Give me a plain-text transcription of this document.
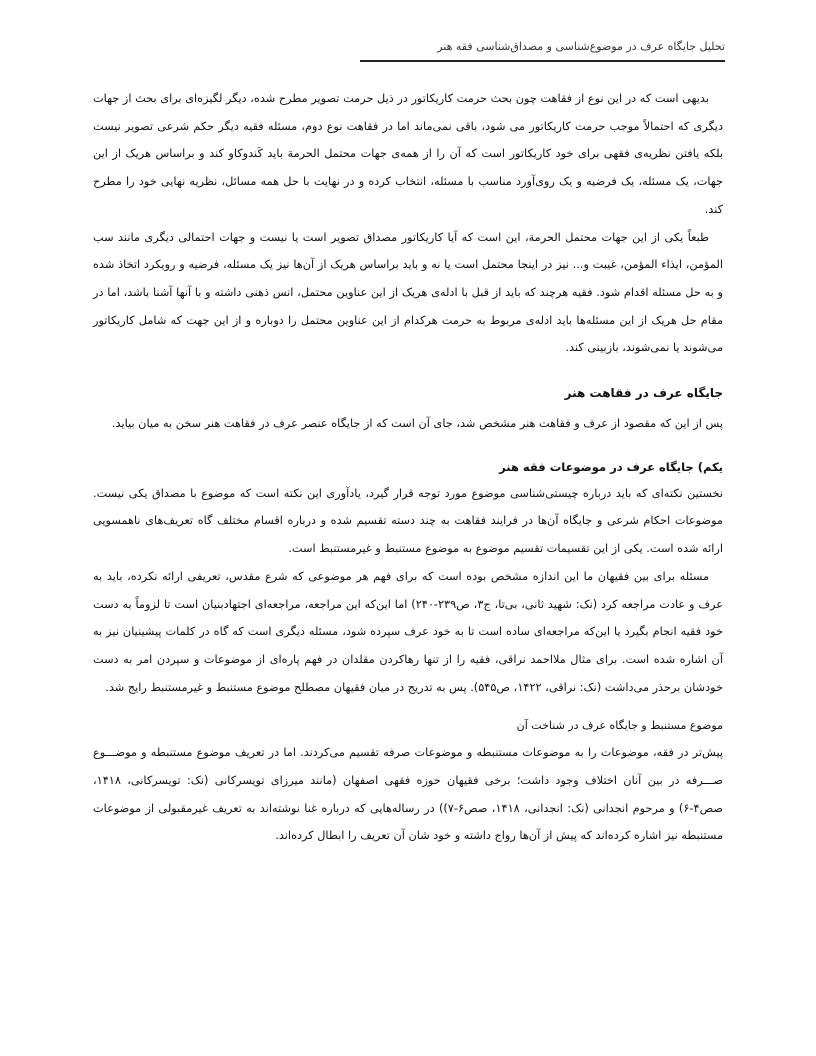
تحلیل جایگاه عرف در موضوع‌شناسی و مصداق‌شناسی فقه هنر

بدیهی است که در این نوع از فقاهت چون بحث حرمت کاریکاتور در ذیل حرمت تصویر مطرح شده، دیگر لگیزه‌ای برای بحث از جهات دیگری که احتمالاً موجب حرمت کاریکاتور می شود، باقی نمی‌ماند اما در فقاهت نوع دوم، مسئله فقیه دیگر حکم شرعی تصویر نیست بلکه یافتن نظریه‌ی فقهی برای خود کاریکاتور است که آن را از همه‌ی جهات محتمل الحرمة باید کَندوکاو کند و براساس هریک از این جهات، یک مسئله، یک فرضیه و یک روی‌آورد مناسب با مسئله، انتخاب کرده و در نهایت با حل همه مسائل، نظریه نهایی خود را مطرح کند.

طبعاً یکی از این جهات محتمل الحرمة، این است که آیا کاریکاتور مصداق تصویر است یا نیست و جهات احتمالی دیگری مانند سب المؤمن، ایذاء المؤمن، غیبت و... نیز در اینجا محتمل است یا نه و باید براساس هریک از آن‌ها نیز یک مسئله، فرضیه و رویکرد اتخاذ شده و به حل مسئله اقدام شود. فقیه هرچند که باید از قبل با ادله‌ی هریک از این عناوین محتمل، انس ذهنی داشته و با آنها آشنا باشد، اما در مقام حل هریک از این مسئله‌ها باید ادله‌ی مربوط به حرمت هرکدام از این عناوین محتمل را دوباره و از این جهت که شامل کاریکاتور می‌شوند یا نمی‌شوند، بازبینی کند.

جایگاه عرف در فقاهت هنر

پس از این که مقصود از عرف و فقاهت هنر مشخص شد، جای آن است که از جایگاه عنصر عرف در فقاهت هنر سخن به میان بیاید.

یکم) جایگاه عرف در موضوعات فقه هنر

نخستین نکته‌ای که باید درباره چیستی‌شناسی موضوع مورد توجه قرار گیرد، یادآوری این نکته است که موضوع با مصداق یکی نیست. موضوعات احکام شرعی و جایگاه آن‌ها در فرایند فقاهت به چند دسته تقسیم شده و درباره اقسام مختلف گاه تعریف‌های ناهمسویی ارائه شده است. یکی از این تقسیمات تقسیم موضوع به موضوع مستنبط و غیرمستنبط است.

مسئله برای بین فقیهان ما این اندازه مشخص بوده است که برای فهم هر موضوعی که شرع مقدس، تعریفی ارائه نکرده، باید به عرف و عادت مراجعه کرد (نک: شهید ثانی، بی‌تا، ج۳، ص۲۳۹-۲۴۰) اما این‌که این مراجعه، مراجعه‌ای اجتهادبنیان است تا لزوماً به دست خود فقیه انجام بگیرد یا این‌که مراجعه‌ای ساده است تا به خود عرف سپرده شود، مسئله دیگری است که گاه در کلمات پیشینیان نیز به آن اشاره شده است. برای مثال ملااحمد نراقی، فقیه را از تنها رهاکردن مقلدان در فهم پاره‌ای از موضوعات و سپردن امر به دست خودشان برحذر می‌داشت (نک: نراقی، ۱۴۲۲، ص۵۴۵). پس به تدریج در میان فقیهان مصطلح موضوع مستنبط و غیرمستنبط رایج شد.

موضوع مستنبط و جایگاه عرف در شناخت آن

پیش‌تر در فقه، موضوعات را به موضوعات مستنبطه و موضوعات صرفه تقسیم می‌کردند. اما در تعریف موضوع مستنبطه و موضـــوع صـــرفه در بین آنان اختلاف وجود داشت؛ برخی فقیهان حوزه فقهی اصفهان (مانند میرزای تویسرکانی (نک: تویسرکانی، ۱۴۱۸، صص۴-۶) و مرحوم انجدانی (نک: انجدانی، ۱۴۱۸، صص۶-۷)) در رساله‌هایی که درباره غنا نوشته‌اند به تعریف غیرمقبولی از موضوعات مستنبطه نیز اشاره کرده‌اند که پیش از آن‌ها رواج داشته و خود شان آن تعریف را ابطال کرده‌اند.
